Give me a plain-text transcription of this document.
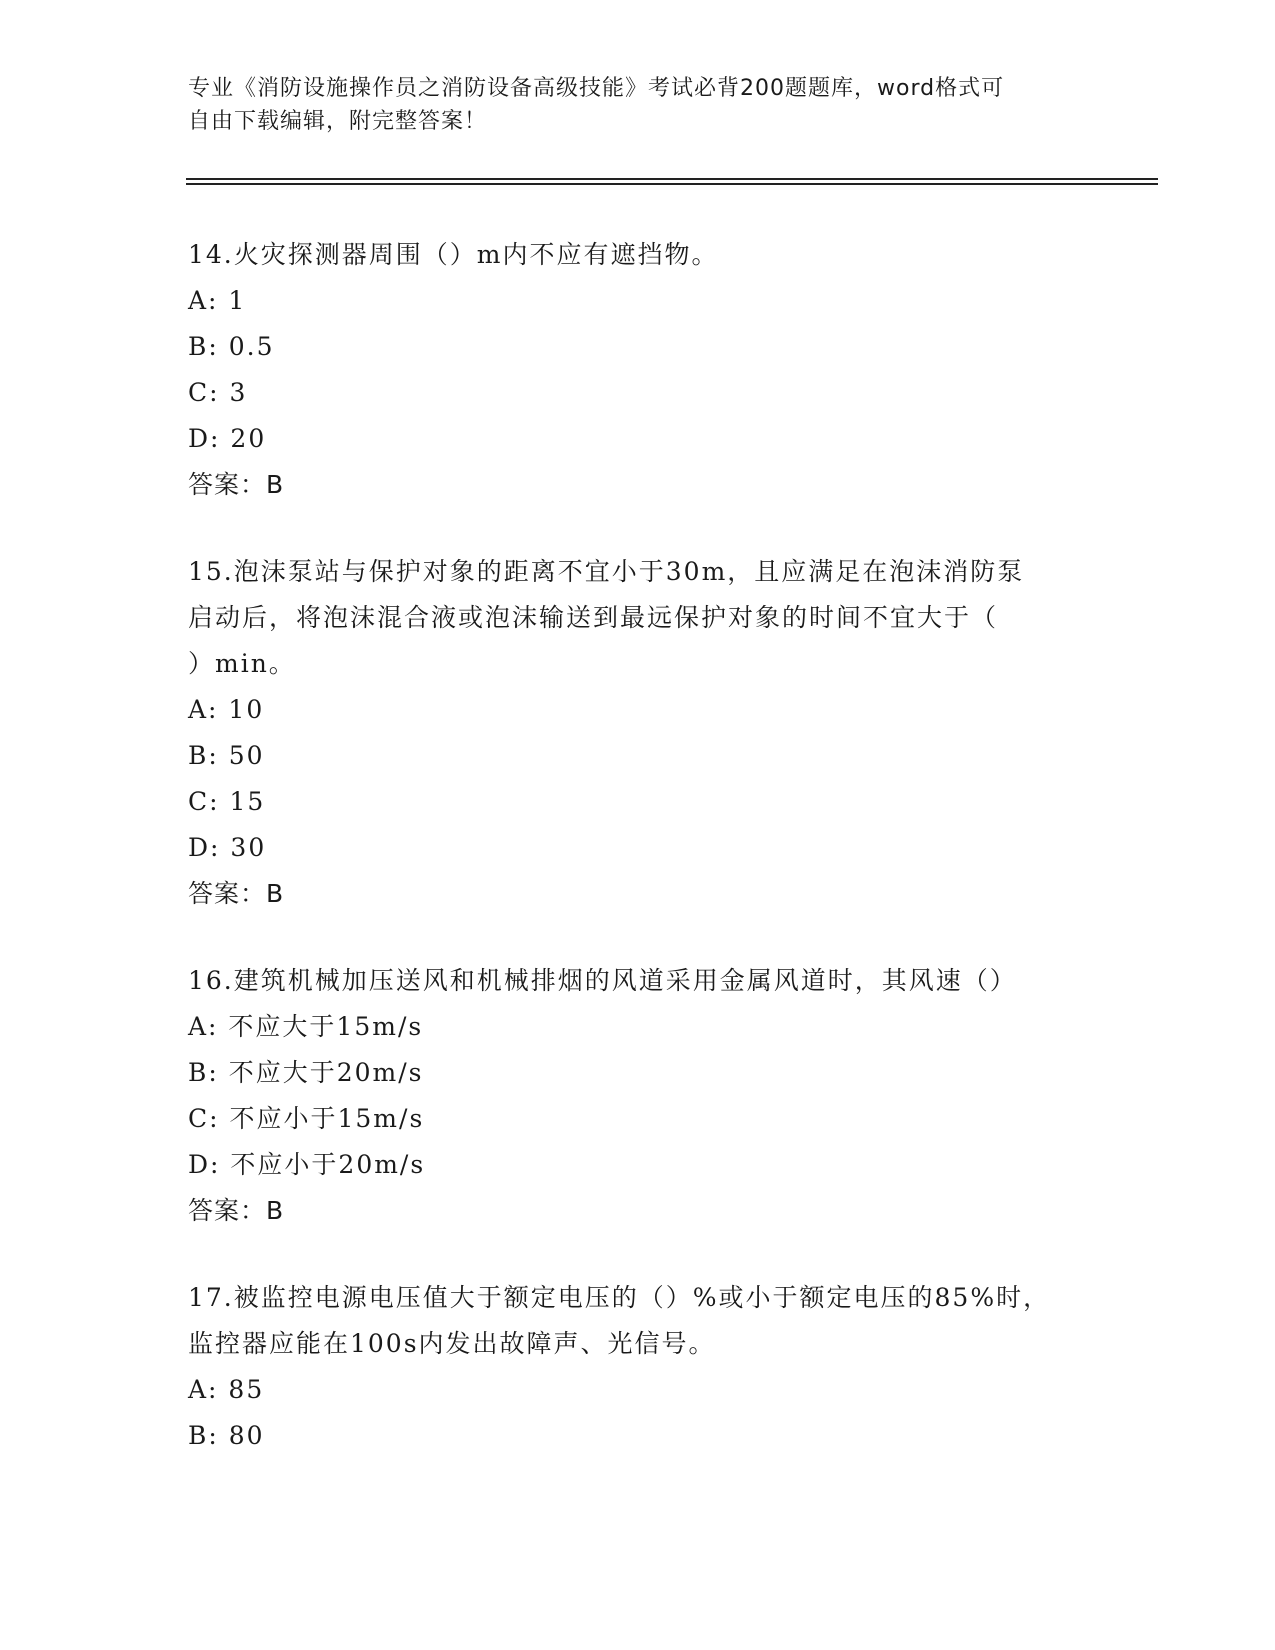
专业《消防设施操作员之消防设备高级技能》考试必背200题题库，word格式可

自由下载编辑，附完整答案！

14.火灾探测器周围（）m内不应有遮挡物。

A: 1

B: 0.5

C: 3

D: 20

答案：B

15.泡沫泵站与保护对象的距离不宜小于30m，且应满足在泡沫消防泵

启动后，将泡沫混合液或泡沫输送到最远保护对象的时间不宜大于（

）min。

A: 10

B: 50

C: 15

D: 30

答案：B

16.建筑机械加压送风和机械排烟的风道采用金属风道时，其风速（）

A: 不应大于15m/s

B: 不应大于20m/s

C: 不应小于15m/s

D: 不应小于20m/s

答案：B

17.被监控电源电压值大于额定电压的（）%或小于额定电压的85%时，

监控器应能在100s内发出故障声、光信号。

A: 85

B: 80
